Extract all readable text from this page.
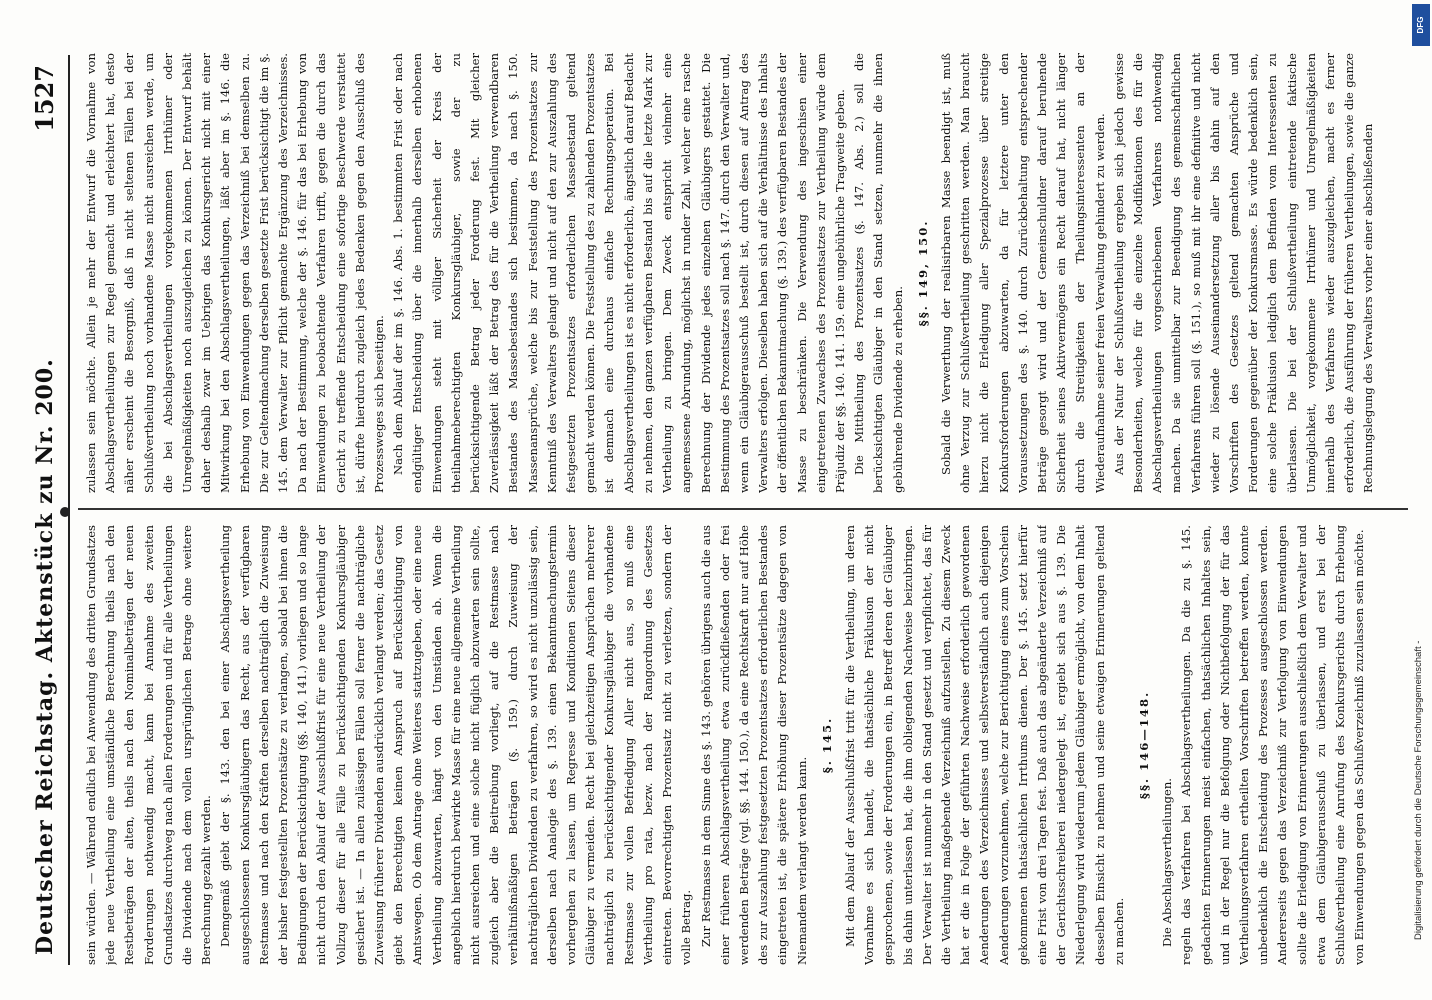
Deutscher Reichstag. Aktenstück zu Nr. 200.
1527

sein würden. — Während endlich bei Anwendung des dritten Grundsatzes jede neue Vertheilung eine umständliche Berechnung theils nach den Restbeträgen der alten, theils nach den Nominalbeträgen der neuen Forderungen nothwendig macht, kann bei Annahme des zweiten Grundsatzes durchweg nach allen Forderungen und für alle Vertheilungen die Dividende nach dem vollen ursprünglichen Betrage ohne weitere Berechnung gezahlt werden. Demgemäß giebt der §. 143. den bei einer Abschlagsvertheilung ausgeschlossenen Konkursgläubigern das Recht, aus der verfügbaren Restmasse und nach den Kräften derselben nachträglich die Zuweisung der bisher festgestellten Prozentsätze zu verlangen, sobald bei ihnen die Bedingungen der Berücksichtigung (§§. 140, 141.) vorliegen und so lange nicht durch den Ablauf der Ausschlußfrist für eine neue Vertheilung der Vollzug dieser für alle Fälle zu berücksichtigenden Konkursgläubiger gesichert ist. — In allen zulässigen Fällen soll ferner die nachträgliche Zuweisung früherer Dividenden ausdrücklich verlangt werden; das Gesetz giebt den Berechtigten keinen Anspruch auf Berücksichtigung von Amtswegen. Ob dem Antrage ohne Weiteres stattzugeben, oder eine neue Vertheilung abzuwarten, hängt von den Umständen ab. Wenn die angeblich hierdurch bewirkte Masse für eine neue allgemeine Vertheilung nicht ausreichen und eine solche nicht füglich abzuwarten sein sollte, zugleich aber die Beitreibung vorliegt, auf die Restmasse nach verhältnißmäßigen Beträgen (§. 159.) durch Zuweisung der nachträglichen Dividenden zu verfahren, so wird es nicht unzulässig sein, derselben nach Analogie des §. 139. einen Bekanntmachungstermin vorhergehen zu lassen, um Regresse und Konditionen Seitens dieser Gläubiger zu vermeiden. Recht bei gleichzeitigen Ansprüchen mehrerer nachträglich zu berücksichtigender Konkursgläubiger die vorhandene Restmasse zur vollen Befriedigung Aller nicht aus, so muß eine Vertheilung pro rata, bezw. nach der Rangordnung des Gesetzes eintreten. Bevorrechtigten Prozentsatz nicht zu verletzen, sondern der volle Betrag. Zur Restmasse in dem Sinne des §. 143. gehören übrigens auch die aus einer früheren Abschlagsvertheilung etwa zurückfließenden oder frei werdenden Beträge (vgl. §§. 144. 150.), da eine Rechtskraft nur auf Höhe des zur Auszahlung festgesetzten Prozentsatzes erforderlichen Bestandes eingetreten ist, die spätere Erhöhung dieser Prozentsätze dagegen von Niemandem verlangt werden kann.

§. 145. Mit dem Ablauf der Ausschlußfrist tritt für die Vertheilung, um deren Vornahme es sich handelt, die thatsächliche Präklusion der nicht gesprochenen, sowie der Forderungen ein, in Betreff deren der Gläubiger bis dahin unterlassen hat, die ihm obliegenden Nachweise beizubringen. Der Verwalter ist nunmehr in den Stand gesetzt und verpflichtet, das für die Vertheilung maßgebende Verzeichniß aufzustellen. Zu diesem Zweck hat er die in Folge der geführten Nachweise erforderlich gewordenen Aenderungen des Verzeichnisses und selbstverständlich auch diejenigen Aenderungen vorzunehmen, welche zur Berichtigung eines zum Vorschein gekommenen thatsächlichen Irrthums dienen. Der §. 145. setzt hierfür eine Frist von drei Tagen fest. Daß auch das abgeänderte Verzeichniß auf der Gerichtsschreiberei niedergelegt ist, ergiebt sich aus §. 139. Die Niederlegung wird wiederum jedem Gläubiger ermöglicht, von dem Inhalt desselben Einsicht zu nehmen und seine etwaigen Erinnerungen geltend zu machen.

§§. 146—148.

Die Abschlagsvertheilungen. regeln das Verfahren bei Abschlagsvertheilungen. Da die zu §. 145. gedachten Erinnerungen meist einfachen, thatsächlichen Inhaltes sein, und in der Regel nur die Befolgung oder Nichtbefolgung der für das Vertheilungsverfahren ertheilten Vorschriften betreffen werden, konnte unbedenklich die Entscheidung des Prozesses ausgeschlossen werden. Andererseits gegen das Verzeichniß zur Verfolgung von Einwendungen sollte die Erledigung von Erinnerungen ausschließlich dem Verwalter und etwa dem Gläubigerausschuß zu überlassen, und erst bei der Schlußvertheilung eine Anrufung des Konkursgerichts durch Erhebung von Einwendungen gegen das Schlußverzeichniß zuzulassen sein möchte.

zulassen sein möchte. Allein je mehr der Entwurf die Vornahme von Abschlagsvertheilungen zur Regel gemacht und erleichtert hat, desto näher erscheint die Besorgniß, daß in nicht seltenen Fällen bei der Schlußvertheilung noch vorhandene Masse nicht ausreichen werde, um die bei Abschlagsvertheilungen vorgekommenen Irrthümer oder Unregelmäßigkeiten noch auszugleichen zu können. Der Entwurf behält daher deshalb zwar im Uebrigen das Konkursgericht nicht mit einer Mitwirkung bei den Abschlagsvertheilungen, läßt aber im §. 146. die Erhebung von Einwendungen gegen das Verzeichniß bei demselben zu. Die zur Geltendmachung derselben gesetzte Frist berücksichtigt die im §. 145. dem Verwalter zur Pflicht gemachte Ergänzung des Verzeichnisses. Da nach der Bestimmung, welche der §. 146. für das bei Erhebung von Einwendungen zu beobachtende Verfahren trifft, gegen die durch das Gericht zu treffende Entscheidung eine sofortige Beschwerde verstattet ist, dürfte hierdurch zugleich jedes Bedenken gegen den Ausschluß des Prozessweges sich beseitigen. Nach dem Ablauf der im §. 146. Abs. 1. bestimmten Frist oder nach endgültiger Entscheidung über die innerhalb derselben erhobenen Einwendungen steht mit völliger Sicherheit der Kreis der theilnahmeberechtigten Konkursgläubiger, sowie der zu berücksichtigende Betrag jeder Forderung fest. Mit gleicher Zuverlässigkeit läßt der Betrag des für die Vertheilung verwendbaren Bestandes des Massebestandes sich bestimmen, da nach §. 150. Massenansprüche, welche bis zur Feststellung des Prozentsatzes zur Kenntniß des Verwalters gelangt und nicht auf den zur Auszahlung des festgesetzten Prozentsatzes erforderlichen Massebestand geltend gemacht werden können. Die Feststellung des zu zahlenden Prozentsatzes ist demnach eine durchaus einfache Rechnungsoperation. Bei Abschlagsvertheilungen ist es nicht erforderlich, ängstlich darauf Bedacht zu nehmen, den ganzen verfügbaren Bestand bis auf die letzte Mark zur Vertheilung zu bringen. Dem Zweck entspricht vielmehr eine angemessene Abrundung, möglichst in runder Zahl, welcher eine rasche Berechnung der Dividende jedes einzelnen Gläubigers gestattet. Die Bestimmung des Prozentsatzes soll nach §. 147. durch den Verwalter und, wenn ein Gläubigerausschuß bestellt ist, durch diesen auf Antrag des Verwalters erfolgen. Dieselben haben sich auf die Verhältnisse des Inhalts der öffentlichen Bekanntmachung (§. 139.) des verfügbaren Bestandes der Masse zu beschränken. Die Verwendung des ingeschisen einer eingetretenen Zuwachses des Prozentsatzes zur Vertheilung würde dem Präjudiz der §§. 140. 141. 159. eine ungebührliche Tragweite geben. Die Mittheilung des Prozentsatzes (§. 147. Abs. 2.) soll die berücksichtigten Gläubiger in den Stand setzen, nunmehr die ihnen gebührende Dividende zu erheben.

§§. 149, 150. Sobald die Verwerthung der realisirbaren Masse beendigt ist, muß ohne Verzug zur Schlußvertheilung geschritten werden. Man braucht hierzu nicht die Erledigung aller Spezialprozesse über streitige Konkursforderungen abzuwarten, da für letztere unter den Voraussetzungen des §. 140. durch Zurückbehaltung entsprechender Beträge gesorgt wird und der Gemeinschuldner darauf beruhende Sicherheit seines Aktivvermögens ein Recht darauf hat, nicht länger durch die Streitigkeiten der Theilungsinteressenten an der Wiederaufnahme seiner freien Verwaltung gehindert zu werden. Aus der Natur der Schlußvertheilung ergeben sich jedoch gewisse Besonderheiten, welche für die einzelne Modifikationen des für die Abschlagsvertheilungen vorgeschriebenen Verfahrens nothwendig machen. Da sie unmittelbar zur Beendigung des gemeinschaftlichen Verfahrens führen soll (§. 151.), so muß mit ihr eine definitive und nicht wieder zu lösende Auseinandersetzung aller bis dahin auf den Vorschriften des Gesetzes geltend gemachten Ansprüche und Forderungen gegenüber der Konkursmasse. Es würde bedenklich sein, eine solche Präklusion lediglich dem Befinden vom Interessenten zu überlassen. Die bei der Schlußvertheilung eintretende faktische Unmöglichkeit, vorgekommene Irrthümer und Unregelmäßigkeiten innerhalb des Verfahrens wieder auszugleichen, macht es ferner erforderlich, die Ausführung der früheren Vertheilungen, sowie die ganze Rechnungslegung des Verwalters vorher einer abschließenden

DFG
Digitalisierung gefördert durch die Deutsche Forschungsgemeinschaft -
